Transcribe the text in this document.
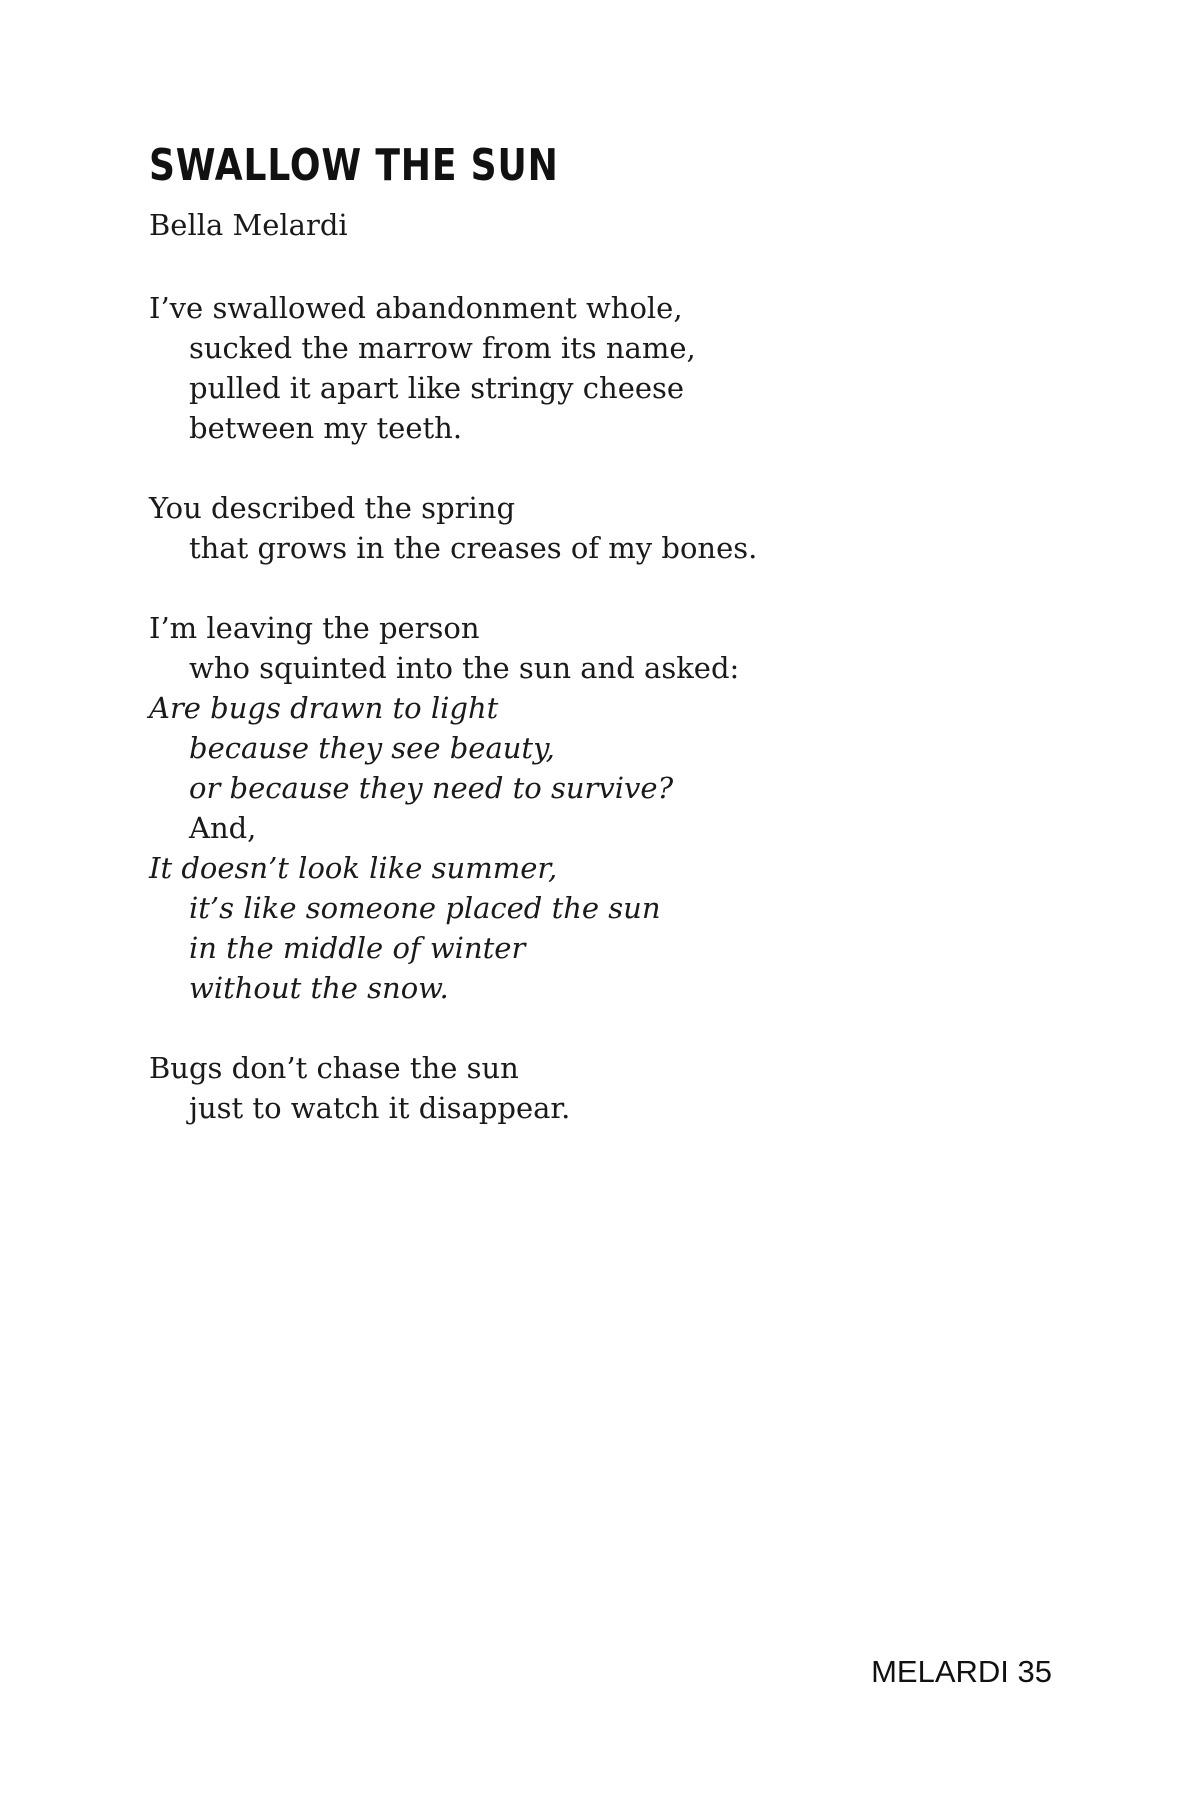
SWALLOW THE SUN

Bella Melardi

I’ve swallowed abandonment whole,
sucked the marrow from its name,
pulled it apart like stringy cheese
between my teeth.
You described the spring
that grows in the creases of my bones.
I’m leaving the person
who squinted into the sun and asked:
Are bugs drawn to light
because they see beauty,
or because they need to survive?
And,
It doesn’t look like summer,
it’s like someone placed the sun
in the middle of winter
without the snow.
Bugs don’t chase the sun
just to watch it disappear.
MELARDI 35
